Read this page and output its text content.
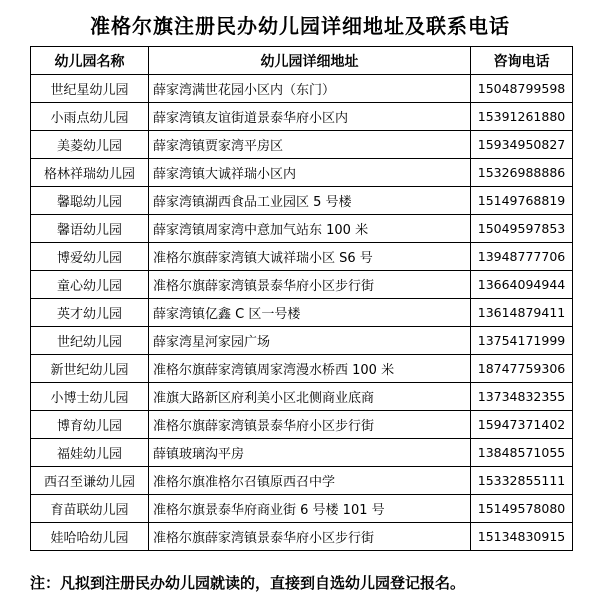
准格尔旗注册民办幼儿园详细地址及联系电话
幼儿园名称	幼儿园详细地址	咨询电话
世纪星幼儿园	薛家湾满世花园小区内（东门）	15048799598
小雨点幼儿园	薛家湾镇友谊街道景泰华府小区内	15391261880
美菱幼儿园	薛家湾镇贾家湾平房区	15934950827
格林祥瑞幼儿园	薛家湾镇大诚祥瑞小区内	15326988886
馨聪幼儿园	薛家湾镇湖西食品工业园区 5 号楼	15149768819
馨语幼儿园	薛家湾镇周家湾中意加气站东 100 米	15049597853
博爱幼儿园	准格尔旗薛家湾镇大诚祥瑞小区 S6 号	13948777706
童心幼儿园	准格尔旗薛家湾镇景泰华府小区步行街	13664094944
英才幼儿园	薛家湾镇亿鑫 C 区一号楼	13614879411
世纪幼儿园	薛家湾星河家园广场	13754171999
新世纪幼儿园	准格尔旗薛家湾镇周家湾漫水桥西 100 米	18747759306
小博士幼儿园	准旗大路新区府利美小区北侧商业底商	13734832355
博育幼儿园	准格尔旗薛家湾镇景泰华府小区步行街	15947371402
福娃幼儿园	薛镇玻璃沟平房	13848571055
西召至谦幼儿园	准格尔旗准格尔召镇原西召中学	15332855111
育苗联幼儿园	准格尔旗景泰华府商业街 6 号楼 101 号	15149578080
娃哈哈幼儿园	准格尔旗薛家湾镇景泰华府小区步行街	15134830915
注：凡拟到注册民办幼儿园就读的，直接到自选幼儿园登记报名。
